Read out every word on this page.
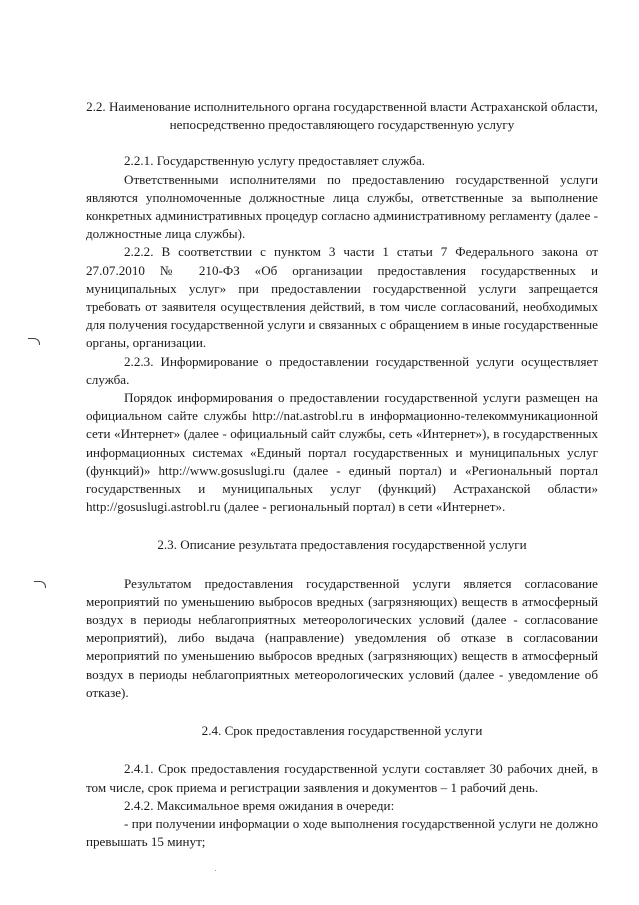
2.2. Наименование исполнительного органа государственной власти Астраханской области, непосредственно предоставляющего государственную услугу

2.2.1. Государственную услугу предоставляет служба.

Ответственными исполнителями по предоставлению государственной услуги являются уполномоченные должностные лица службы, ответственные за выполнение конкретных административных процедур согласно административному регламенту (далее - должностные лица службы).

2.2.2. В соответствии с пунктом 3 части 1 статьи 7 Федерального закона от 27.07.2010 № 210-ФЗ «Об организации предоставления государственных и муниципальных услуг» при предоставлении государственной услуги запрещается требовать от заявителя осуществления действий, в том числе согласований, необходимых для получения государственной услуги и связанных с обращением в иные государственные органы, организации.

2.2.3. Информирование о предоставлении государственной услуги осуществляет служба.

Порядок информирования о предоставлении государственной услуги размещен на официальном сайте службы http://nat.astrobl.ru в информационно-телекоммуникационной сети «Интернет» (далее - официальный сайт службы, сеть «Интернет»), в государственных информационных системах «Единый портал государственных и муниципальных услуг (функций)» http://www.gosuslugi.ru (далее - единый портал) и «Региональный портал государственных и муниципальных услуг (функций) Астраханской области» http://gosuslugi.astrobl.ru (далее - региональный портал) в сети «Интернет».

2.3. Описание результата предоставления государственной услуги

Результатом предоставления государственной услуги является согласование мероприятий по уменьшению выбросов вредных (загрязняющих) веществ в атмосферный воздух в периоды неблагоприятных метеорологических условий (далее - согласование мероприятий), либо выдача (направление) уведомления об отказе в согласовании мероприятий по уменьшению выбросов вредных (загрязняющих) веществ в атмосферный воздух в периоды неблагоприятных метеорологических условий (далее - уведомление об отказе).

2.4. Срок предоставления государственной услуги

2.4.1. Срок предоставления государственной услуги составляет 30 рабочих дней, в том числе, срок приема и регистрации заявления и документов – 1 рабочий день.

2.4.2. Максимальное время ожидания в очереди:

- при получении информации о ходе выполнения государственной услуги не должно превышать 15 минут;
